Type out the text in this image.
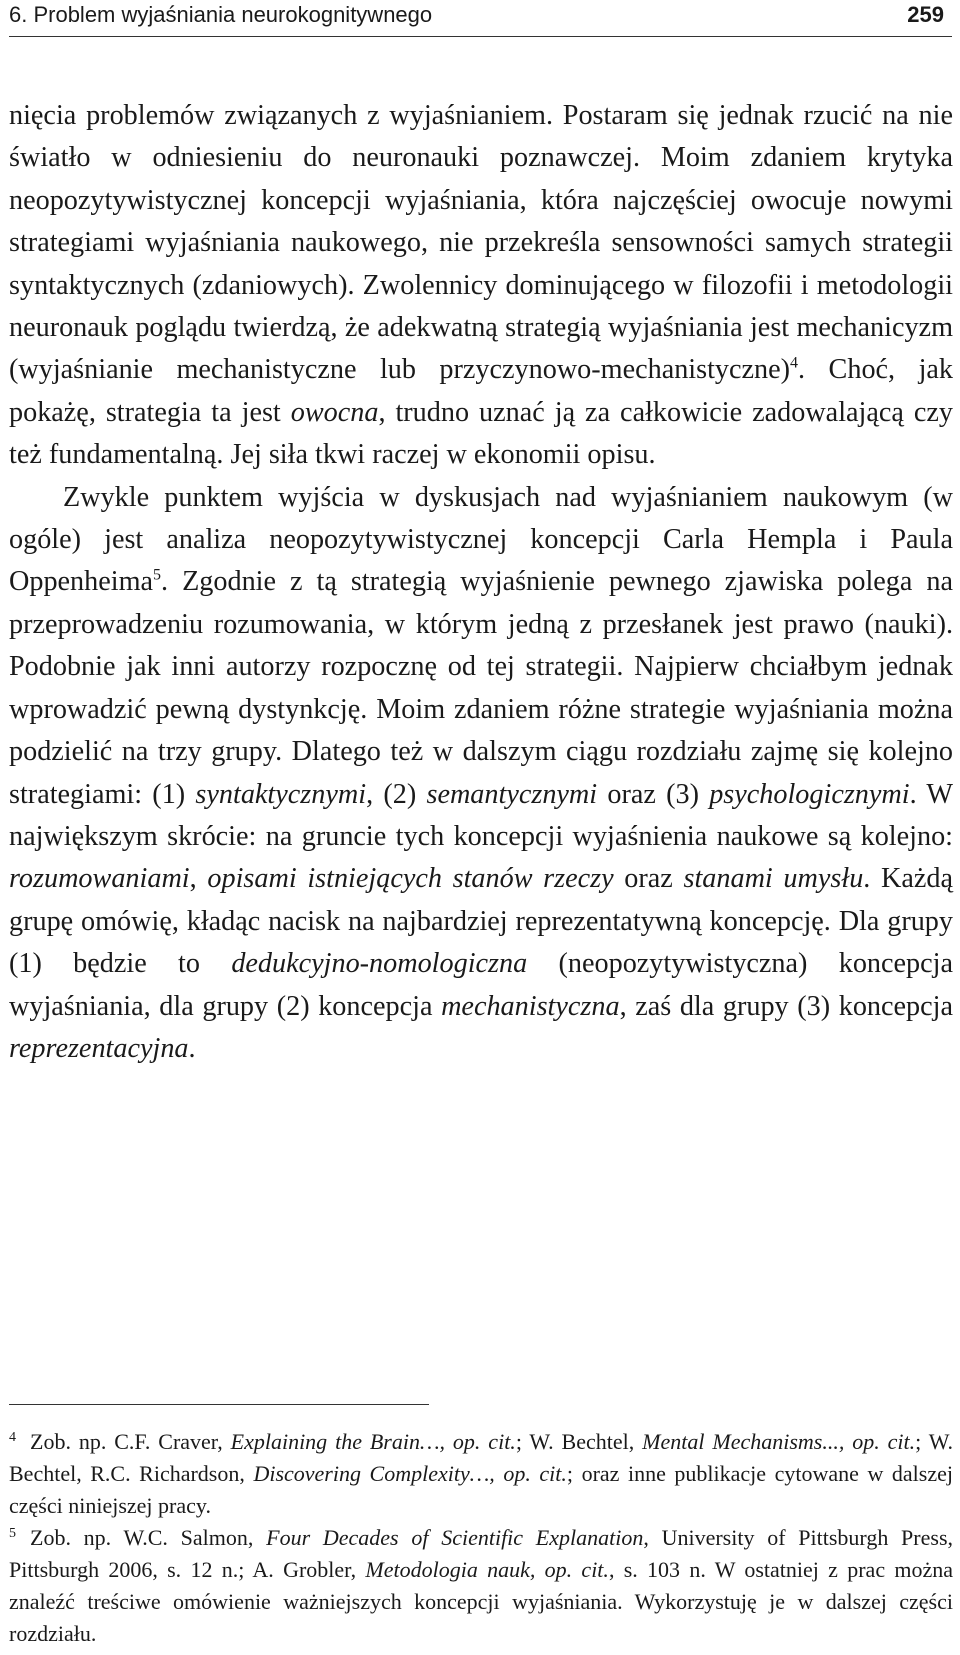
6. Problem wyjaśniania neurokognitywnego	259

nięcia problemów związanych z wyjaśnianiem. Postaram się jednak rzucić na nie światło w odniesieniu do neuronauki poznawczej. Moim zdaniem krytyka neopozytywistycznej koncepcji wyjaśniania, która najczęściej owocuje nowymi strategiami wyjaśniania naukowego, nie przekreśla sensowności samych strategii syntaktycznych (zdaniowych). Zwolennicy dominującego w filozofii i metodologii neuronauk poglądu twierdzą, że adekwatną strategią wyjaśniania jest mechanicyzm (wyjaśnianie mechanistyczne lub przyczynowo-mechanistyczne)$^4$. Choć, jak pokażę, strategia ta jest owocna, trudno uznać ją za całkowicie zadowalającą czy też fundamentalną. Jej siła tkwi raczej w ekonomii opisu.

Zwykle punktem wyjścia w dyskusjach nad wyjaśnianiem naukowym (w ogóle) jest analiza neopozytywistycznej koncepcji Carla Hempla i Paula Oppenheima$^5$. Zgodnie z tą strategią wyjaśnienie pewnego zjawiska polega na przeprowadzeniu rozumowania, w którym jedną z przesłanek jest prawo (nauki). Podobnie jak inni autorzy rozpocznę od tej strategii. Najpierw chciałbym jednak wprowadzić pewną dystynkcję. Moim zdaniem różne strategie wyjaśniania można podzielić na trzy grupy. Dlatego też w dalszym ciągu rozdziału zajmę się kolejno strategiami: (1) syntaktycznymi, (2) semantycznymi oraz (3) psychologicznymi. W największym skrócie: na gruncie tych koncepcji wyjaśnienia naukowe są kolejno: rozumowaniami, opisami istniejących stanów rzeczy oraz stanami umysłu. Każdą grupę omówię, kładąc nacisk na najbardziej reprezentatywną koncepcję. Dla grupy (1) będzie to dedukcyjno-nomologiczna (neopozytywistyczna) koncepcja wyjaśniania, dla grupy (2) koncepcja mechanistyczna, zaś dla grupy (3) koncepcja reprezentacyjna.

$^4$ Zob. np. C.F. Craver, Explaining the Brain…, op. cit.; W. Bechtel, Mental Mechanisms..., op. cit.; W. Bechtel, R.C. Richardson, Discovering Complexity…, op. cit.; oraz inne publikacje cytowane w dalszej części niniejszej pracy.

$^5$ Zob. np. W.C. Salmon, Four Decades of Scientific Explanation, University of Pittsburgh Press, Pittsburgh 2006, s. 12 n.; A. Grobler, Metodologia nauk, op. cit., s. 103 n. W ostatniej z prac można znaleźć treściwe omówienie ważniejszych koncepcji wyjaśniania. Wykorzystuję je w dalszej części rozdziału.
